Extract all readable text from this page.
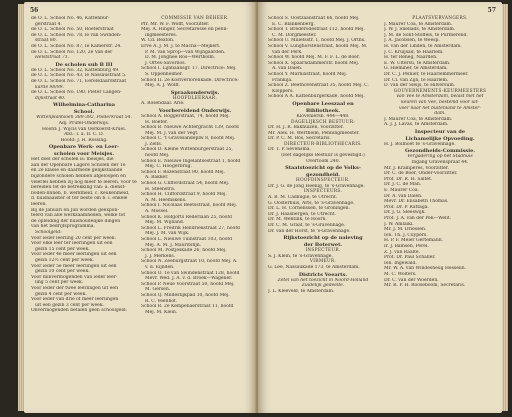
56
de O. L. School No. 46, Kattenbur-
gerstraat 4.
de O. L. School No. 50, Roeterstraat
de O. L. School No. 78, le van Swinden-
straat 80.
de O. L. School No. 87, Ie Kamerstr. 24.
de O. L. School No. 120, 2e Van der
Helststraat 71.
De scholen sub B III
de O. L. School No. 32, Kattenburg 49.
de O. L. School No. 43, le Nassaustraat 5.
de O. L. School No. 71, Eerelsdaardstraat
karde 98/99.
de O. L. School No. 190, Pieter Langen-
dijkstraat 40.
Wilhelmina-Catharina
School.
Wittenplantsoen 389-392, Polderkraat 54.
Adj. Prüfel-Onderwijs.
Hoofd: J. Wijcis van Oerkoerst-Kruel.
Afd.: I. a. II. C. D.
Hoofd: J. H. Rossing.
Openbare Werk- en Leer-
scholen voor Meisjes.
Het doel der scholen is: meisjes, die
aan der Openbare Lagere Scholen der 1e
en 2e klasse en daarmede gelijkstaande
bijzondere scholen hebben afgeloopen en
velerlei hebben zij nog meer te leeren, voor te
bereiden tot de betrekking van: a. dienst-
boden-linnen, b. werkmeid, c. keukenmeid,
d. huisnaaister of ter beste om b. i. enkele
leeren.
Bij de Januari en Juli worden geëxpon-
teerd van alle werkzaamheden, welke tot
de opleiding der huishoudelijke dingen
van het bedrijfsprogramma.
Schoolgeld:
Voor ieder leerling 20 cent per week.
Voor elke leer ter leerlingen uit een
gezin 15 cent per week.
Voor ieder 4e meer leerlingen uit een
gezin 12½ cent per week.
Voor ieder 5e meer leerlingen uit een
gezin 10 cent per week.
Voor minvermogenden van ieder leer-
ling 5 cent per week.
Voor ieder der twee leerlingen uit een
gezin 4 cent per week.
Voor ieder van drie of meer leerlingen
uit een gezin 3 cent per week.
Onvermogenden betalen geen schoolgeld.
COMMISSIE VAN BEHEER.
Pfr. Mr. W. F. Wolff, Voorzitter.
Mej. A. Hinger, Secretaresse en penn-
ingmeesteres.
W. Cd. Beaton.
Erve A. J. M. J. te Macha—Mejkert.
P. M. van Sprop—van Wijngaarden.
D. M. Jonghee Rös—Wertholm.
J. Ortes-Savornos.
School I. Lijnbaansgr. 17. Directrice: Mej.
S. Oppenheimer.
School II. 2e Kostverlorenkade. Directrice:
Mej. A. J. Wolff.
Spraakonderwijs.
HOOFDLEERAAR.
A. Rosendaal. Arie.
Voorbereidend Onderwijs.
School A. Roggerstraat, 74, hoofd Mej.
H. Boeter.
School B. Nieuwe Achtergracht 139, hoofd
Mej. M. J. van der Vegt.
School C. 't Gravesandeplw 8, hoofd Mej.
J. Zeits.
School D. Kleine Wittenburgerstraat 25,
hoofd Mej.
School E. Nieuwe Ingelantsestraat 1, hoofd
Mej. C. Hoogerbrug.
School F. Rozenstraat 90, hoofd Mej.
A. Bakker.
School G. Cliffordstraat 54, hoofd Mej.
H. Steenstra.
School H. Cliffordstraat 9, hoofd Mej.
A. M. Heemskens.
School I. Nicolaas Beetsstraat, hoofd Mej.
A. Mossel.
School K. Hofgorts Rederlaan 25, hoofd
Mej. M. Wijnand.
School L. Fredrik Hendriekstraat 27, hoofd
Mej. J. M. van Wijk.
School L. Nieuwe Tuinstraat 103, hoofd
Mej. A. M. J. Mauritsfijn.
School M. Postjeskade 26, hoofd Mej.
J. J. Merkens.
School N. Zeeburgstraat 10, hoofd Mej. A.
v. d. Eijnden.
School O. 1e van Swindenstraat 128, hoofd
Mevr. Wed. J. A. v. d. Broek—Wagener.
School P. Neue Voorstraat 50, hoofd Mej.
M. Gersen.
School Q. Mildestijkpad 10, hoofd Mej.
R. C. Veenhof.
School R. 2e Kempenaerstraat 11, hoofd
Mej. M. Klein.
57
School S. Oostzaanstraat 66, hoofd Mej.
E. C. Blankenberg.
School T. Brederodestraat 112, hoofd Mej.
C. M. Dorgmeester.
School U. Milletsstr. 1, hoofd Mej. J. Orths.
School V. Lunghorstenstraat, hoofd Mej. M.
van der Perk.
School W. hoofd Mej. M. F. F. L. de Boer.
School X. Spaarndammerstr. hoofd Mej.
A. van Dalen.
School Y. Marnixstraat, hoofd Mej.
Frankija.
School Z. Beethovenstraat 35, hoofd Mej. C.
Kloppers.
School A A. Kattenburgerkade, hoofd Mej.
Openbare Leeszaal en
Bibliotheek.
Kloveniersb. 444—448.
DAGELIJKSCH BESTUUR:
Dr. H. J. R. Bakhuizen, Voorzitter.
Mr. Alex. H. Wertheim, Penningmeester.
Dr. P. C. M. Bos, Secretaris.
DIRECTEUR-BIBLIOTHECARIS.
Dr. T. P. Sevensma.
(Het dagelijks Bestuur is gevestigd:)
Overtoom 240.
Staatstoezicht op de Volks-
gezondheid.
HOOFDINSPECTEUR.
Dr. J. G. de Jong Heenig, te 's-Gravenhage.
INSPECTEURS.
A. B. M. Cadkugie, te Utrecht.
G. Oosterhuis, Arts, te 's-Gravenhage.
Dr. L. H. Cornelissen, te Groningen.
Dr. J. Haasbergen, te Utrecht.
Dr. M. Wentink, te Hoorn.
Dr. C. M. Graaf, te 's-Gravenhage.
Dr. van der Horst, te 's-Gravenhage.
Rijkstoezicht op de naleving
der Boterwet.
INSPECTEUR.
S. J. Klein, te 's-Gravenhage.
VIRMEUR.
G. Lee, Nassaukade 173, te Amsterdam.
Districts Veearts.
Zetel van het toezicht in Noord-Holland
Zuidelijk gedeelte.
J. L. Kleeveld, te Amsterdam.
PLAATSVERVANGERS.
J. Maurer Coa, te Amsterdam.
J. W. J. Snellads, te Amsterdam.
J. M. de Sont-Stoffels, te Purmerend.
J. A. Jacobsen, te Weesp.
H. van der Linden, te Amsterdam.
J. C. Kruijsad, te Haarlem.
H. ter Reneg, Naarden.
E. W. Ultersu, te Amsterdam.
G. Hieminer, te Amsterdam.
Dr. C. J. Pelnier, te Haarlemmermeer.
Dr. Cl. van Zijn, te Haarlem.
D. van der Sleijs, te Hilversum.
GOUVERNEMENTS-KEURMEESTERS
van Vee te Amsterdam, belast met het
keuren van Vee, bestemd voor uit-
voer naar het buitenland te Amster-
dam.
J. Maurer Coa, te Amsterdam.
A. J. J. Lavas, te Amsterdam.
Inspecteur van de
Lichamelijke Opvoeding.
H. J. Bollhoet te 's-Gravenhage.
Gezondheids-Commissie.
Vergadering op het Stadhuis
Ingang Gravenspraaf 44.
Mr. J. Kramperes, Voorzitter.
Dr. C. de Boer, Onder-Voorzitter.
Prof. Dr. R. H. Saltet.
Dr. J. C. de Man.
E. Maurer Coa.
Dr. A. van Dalen.
Mevr. Dr. Elisabeth Thomas.
Prof. Dr. P. Rattaga.
Dr. J. G. Sleeswijk.
Prof. J. A. van der Pek—Went.
J. W. Amlaiki.
Mr. J. M. Driessen.
Ion. Th. J. Cuypers.
H. P. F. Meier Gertemann.
Ir. J. Bamsen, Perel.
Z. J. van Raalte.
Prof. Dr. Paul Schaller.
Ion. Ingewald.
Mr. W. A. van Windesheug Hesselin.
M. C. Wolters.
Dr. C. van der Woerden.
Mr. R. P. H. Rooseboom, Secretaris.
